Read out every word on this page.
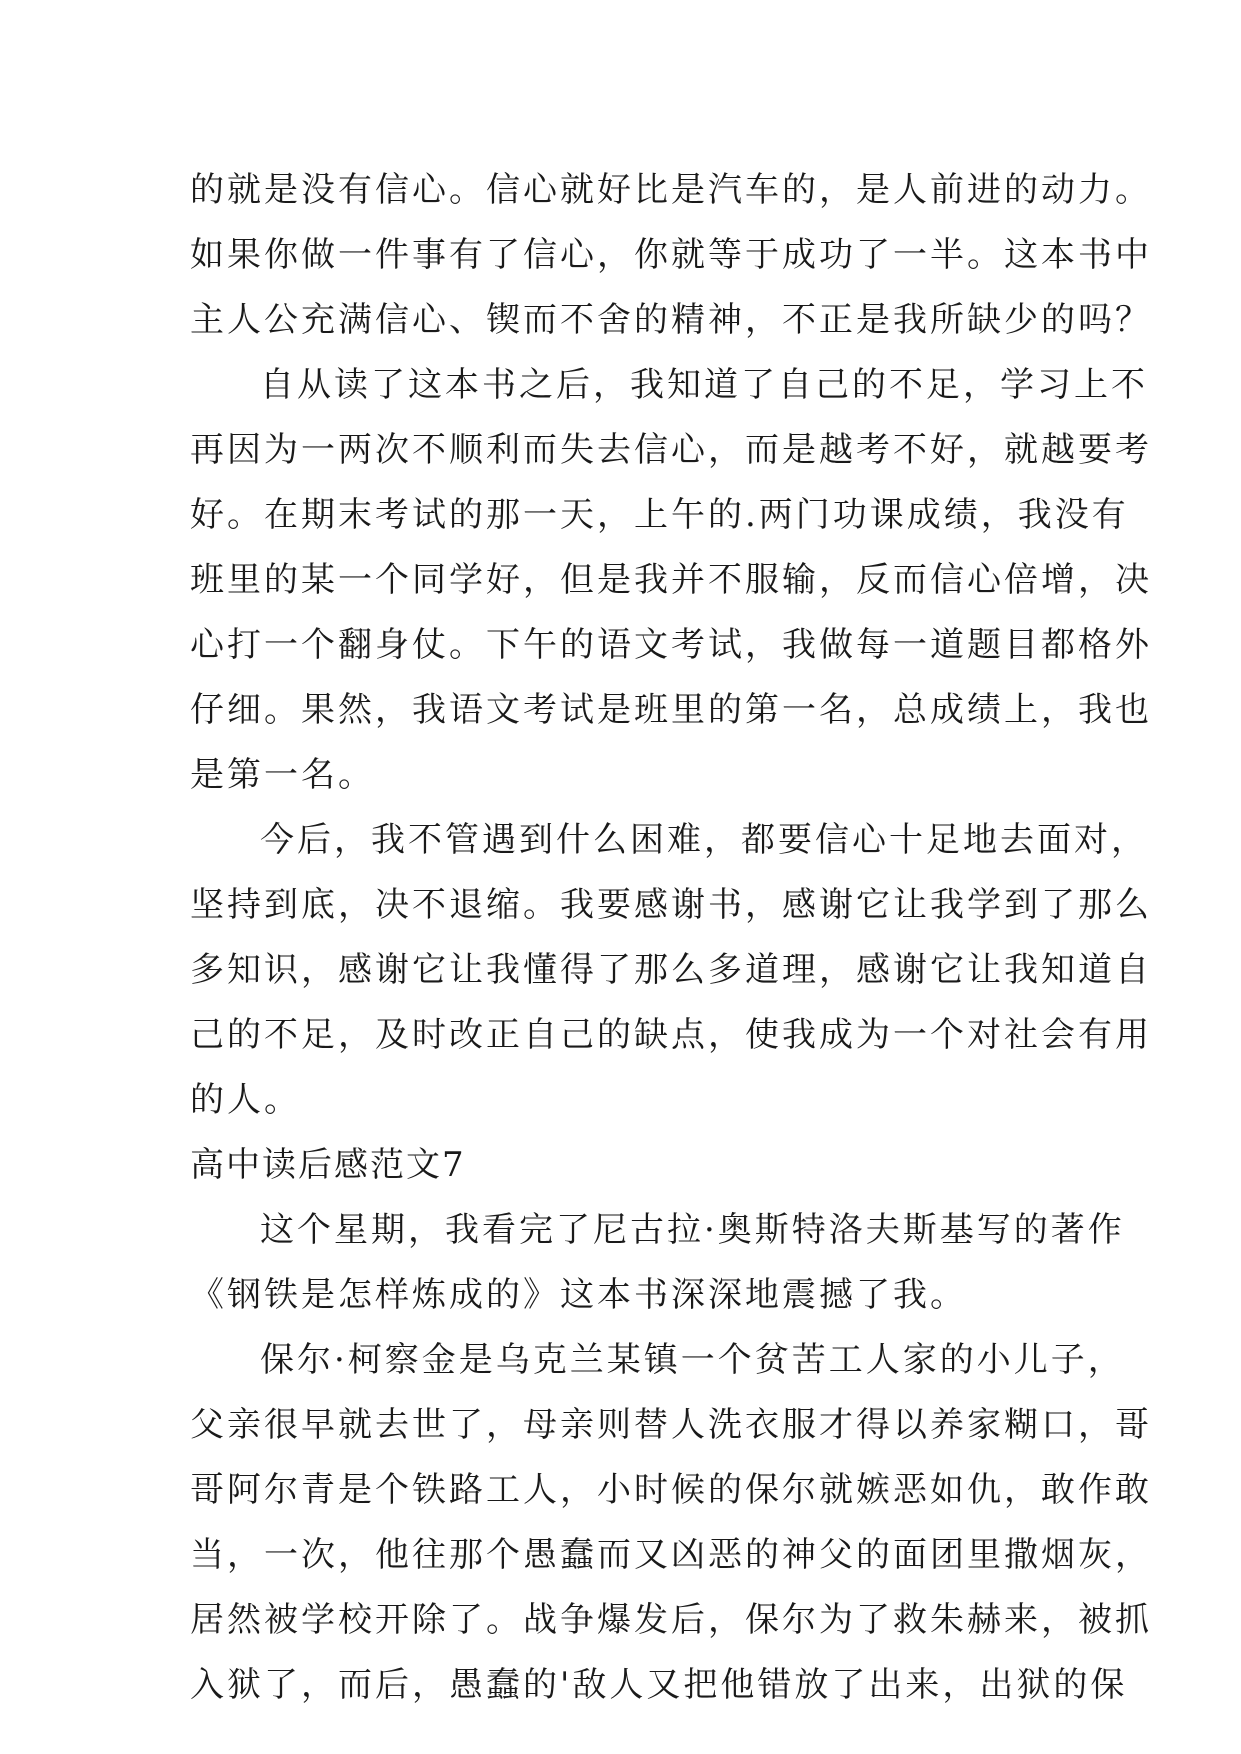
的就是没有信心。信心就好比是汽车的，是人前进的动力。
如果你做一件事有了信心，你就等于成功了一半。这本书中
主人公充满信心、锲而不舍的精神，不正是我所缺少的吗？
自从读了这本书之后，我知道了自己的不足，学习上不
再因为一两次不顺利而失去信心，而是越考不好，就越要考
好。在期末考试的那一天，上午的.两门功课成绩，我没有
班里的某一个同学好，但是我并不服输，反而信心倍增，决
心打一个翻身仗。下午的语文考试，我做每一道题目都格外
仔细。果然，我语文考试是班里的第一名，总成绩上，我也
是第一名。
今后，我不管遇到什么困难，都要信心十足地去面对，
坚持到底，决不退缩。我要感谢书，感谢它让我学到了那么
多知识，感谢它让我懂得了那么多道理，感谢它让我知道自
己的不足，及时改正自己的缺点，使我成为一个对社会有用
的人。
高中读后感范文7
这个星期，我看完了尼古拉·奥斯特洛夫斯基写的著作
《钢铁是怎样炼成的》这本书深深地震撼了我。
保尔·柯察金是乌克兰某镇一个贫苦工人家的小儿子，
父亲很早就去世了，母亲则替人洗衣服才得以养家糊口，哥
哥阿尔青是个铁路工人，小时候的保尔就嫉恶如仇，敢作敢
当，一次，他往那个愚蠢而又凶恶的神父的面团里撒烟灰，
居然被学校开除了。战争爆发后，保尔为了救朱赫来，被抓
入狱了，而后，愚蠢的'敌人又把他错放了出来，出狱的保
